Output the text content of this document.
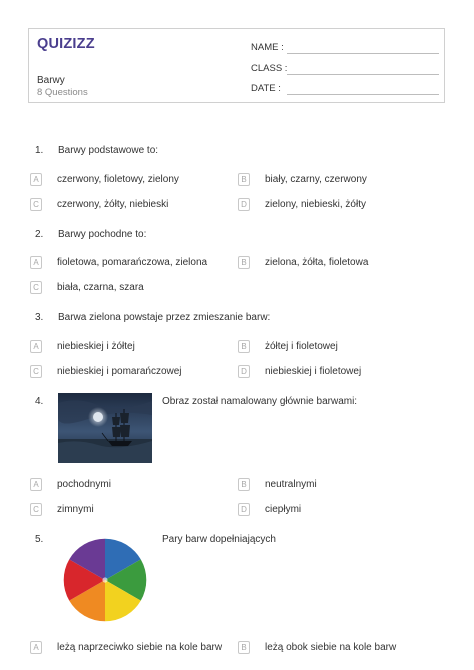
QUIZIZZ
Barwy
8 Questions
NAME :
CLASS :
DATE :
1. Barwy podstawowe to:
A	czerwony, fioletowy, zielony	B	biały, czarny, czerwony
C	czerwony, żółty, niebieski	D	zielony, niebieski, żółty
2. Barwy pochodne to:
A	fioletowa, pomarańczowa, zielona	B	zielona, żółta, fioletowa
C	biała, czarna, szara
3. Barwa zielona powstaje przez zmieszanie barw:
A	niebieskiej i żółtej	B	żółtej i fioletowej
C	niebieskiej i pomarańczowej	D	niebieskiej i fioletowej
4.	Obraz został namalowany głównie barwami:
A	pochodnymi	B	neutralnymi
C	zimnymi	D	ciepłymi
5.	Pary barw dopełniających
A	leżą naprzeciwko siebie na kole barw	B	leżą obok siebie na kole barw
